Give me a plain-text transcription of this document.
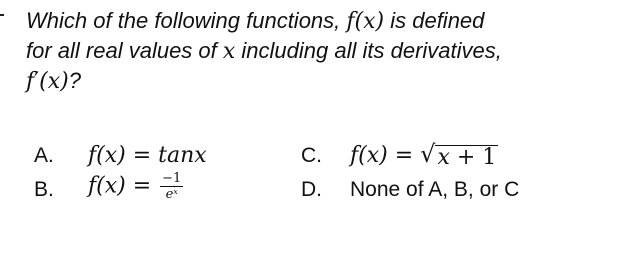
Which of the following functions, f(x) is defined
for all real values of x including all its derivatives,
f′(x)?
A. f(x) = tanx
B. $f(x) = \frac{-1}{\text{eˣ}}$
C. f(x) = √ x + 1
D. None of A, B, or C
